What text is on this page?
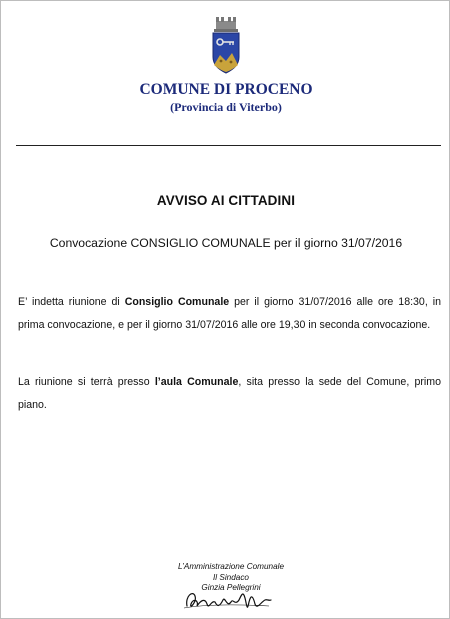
COMUNE DI PROCENO
(Provincia di Viterbo)
AVVISO AI CITTADINI
Convocazione CONSIGLIO COMUNALE per il giorno 31/07/2016
E’ indetta riunione di Consiglio Comunale per il giorno 31/07/2016 alle ore 18:30, in prima convocazione, e per il giorno 31/07/2016 alle ore 19,30 in seconda convocazione.
La riunione si terrà presso l’aula Comunale, sita presso la sede del Comune, primo piano.
L’Amministrazione Comunale
Il Sindaco
Ginzia Pellegrini
